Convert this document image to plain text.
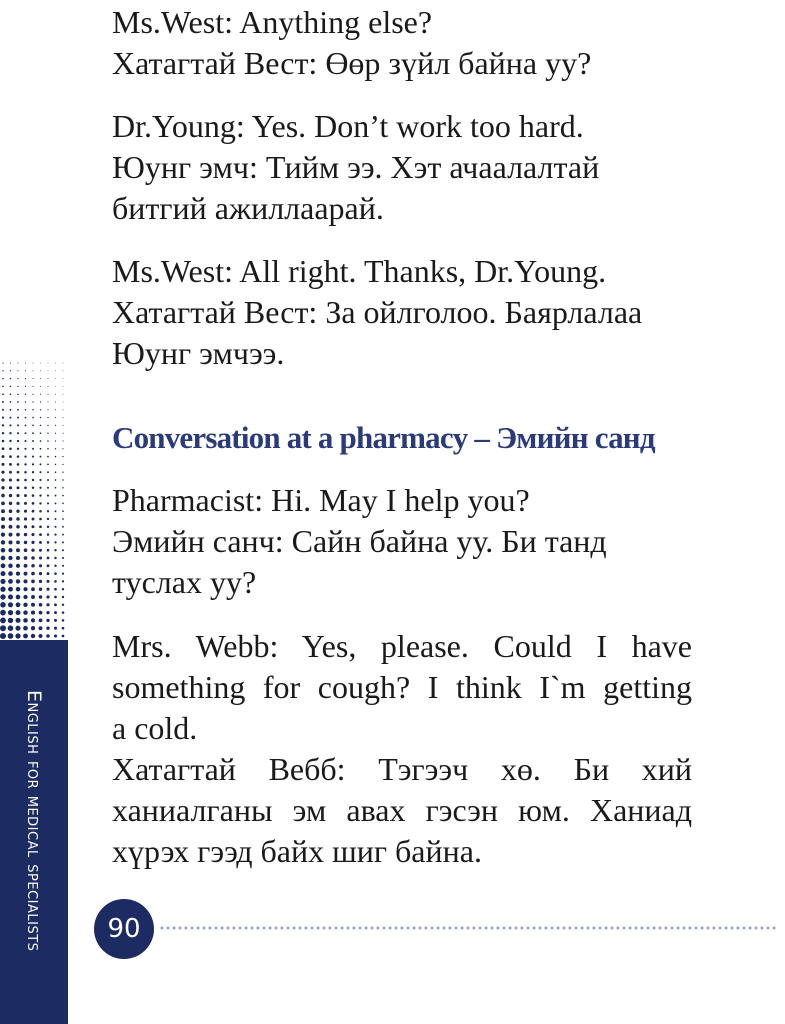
English for medical specialists

Ms.West: Anything else?
Хатагтай Вест: Өөр зүйл байна уу?

Dr.Young: Yes. Don’t work too hard.
Юунг эмч: Тийм ээ. Хэт ачаалалтай
битгий ажиллаарай.

Ms.West: All right. Thanks, Dr.Young.
Хатагтай Вест: За ойлголоо. Баярлалаа
Юунг эмчээ.

Conversation at a pharmacy – Эмийн санд

Pharmacist: Hi. May I help you?
Эмийн санч: Сайн байна уу. Би танд
туслах уу?

Mrs. Webb: Yes, please. Could I have
something for cough? I think I`m getting
a cold.
Хатагтай Вебб: Тэгээч хө. Би хий
ханиалганы эм авах гэсэн юм. Ханиад
хүрэх гээд байх шиг байна.

90
